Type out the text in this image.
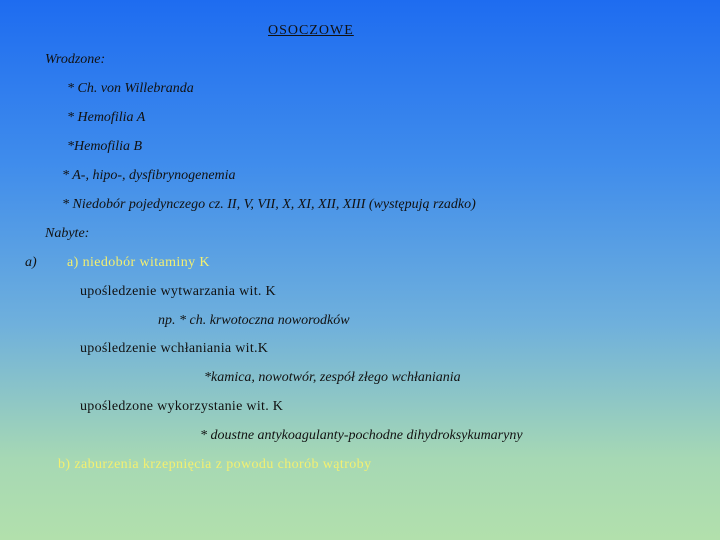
OSOCZOWE
Wrodzone:
* Ch. von Willebranda
* Hemofilia A
*Hemofilia B
* A-, hipo-, dysfibrynogenemia
* Niedobór pojedynczego cz. II, V, VII, X, XI, XII, XIII (występują rzadko)
Nabyte:
a) a) niedobór witaminy K
upośledzenie wytwarzania wit. K
np. * ch. krwotoczna noworodków
upośledzenie wchłaniania wit.K
*kamica, nowotwór, zespół złego wchłaniania
upośledzone wykorzystanie wit. K
* doustne antykoagulanty-pochodne dihydroksykumaryny
b) zaburzenia krzepnięcia z powodu chorób wątroby
